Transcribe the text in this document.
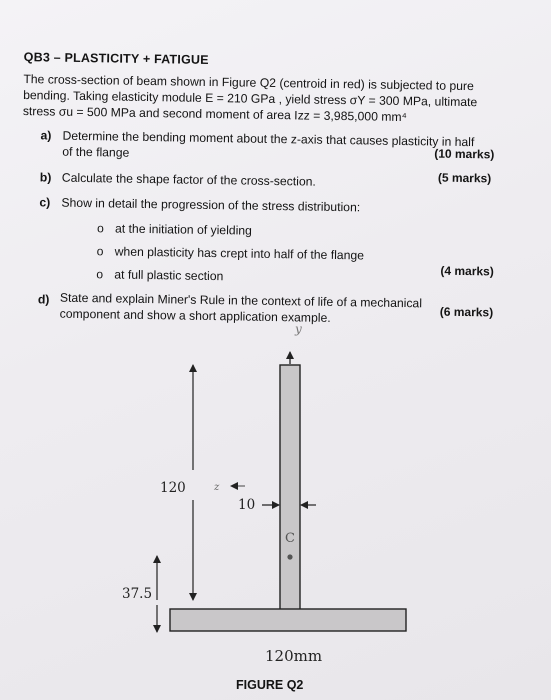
QB3 – PLASTICITY + FATIGUE
The cross-section of beam shown in Figure Q2 (centroid in red) is subjected to pure
bending. Taking elasticity module E = 210 GPa , yield stress σY = 300 MPa, ultimate
stress σu = 500 MPa and second moment of area Izz = 3,985,000 mm⁴
a) Determine the bending moment about the z-axis that causes plasticity in half
of the flange	(10 marks)
b) Calculate the shape factor of the cross-section.	(5 marks)
c) Show in detail the progression of the stress distribution:
o at the initiation of yielding
o when plasticity has crept into half of the flange
o at full plastic section	(4 marks)
d) State and explain Miner's Rule in the context of life of a mechanical
component and show a short application example.	(6 marks)
y
120	z
10
C
37.5
120mm
FIGURE Q2
